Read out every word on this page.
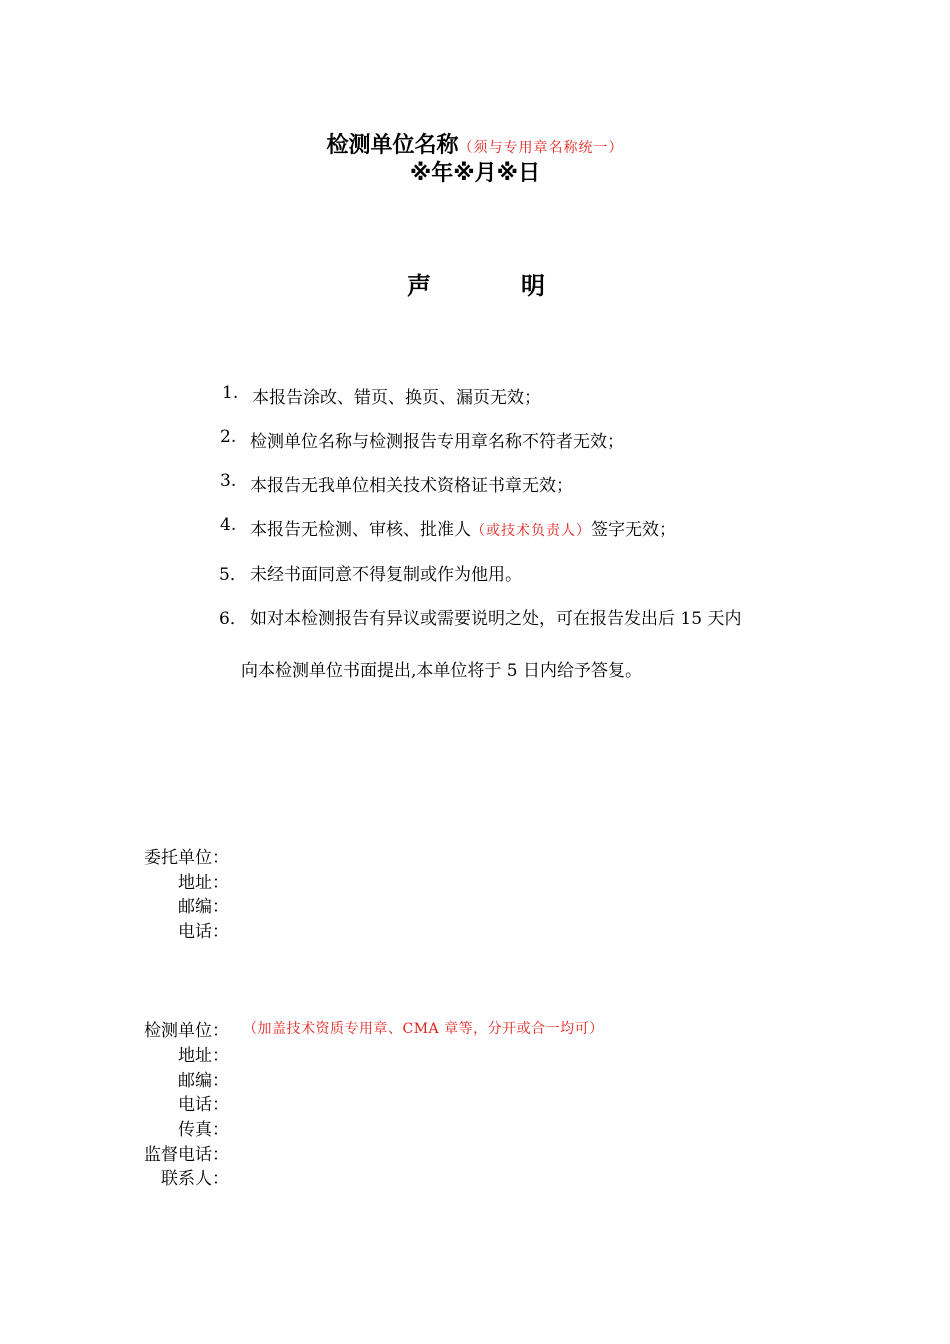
检测单位名称（须与专用章名称统一）
※年※月※日
声	明
1. 本报告涂改、错页、换页、漏页无效；
2. 检测单位名称与检测报告专用章名称不符者无效；
3. 本报告无我单位相关技术资格证书章无效；
4. 本报告无检测、审核、批准人（或技术负责人）签字无效；
5． 未经书面同意不得复制或作为他用。
6． 如对本检测报告有异议或需要说明之处，可在报告发出后 15 天内
向本检测单位书面提出,本单位将于 5 日内给予答复。
委托单位：
地址：
邮编：
电话：
检测单位： （加盖技术资质专用章、CMA 章等，分开或合一均可）
地址：
邮编：
电话：
传真：
监督电话：
联系人：
